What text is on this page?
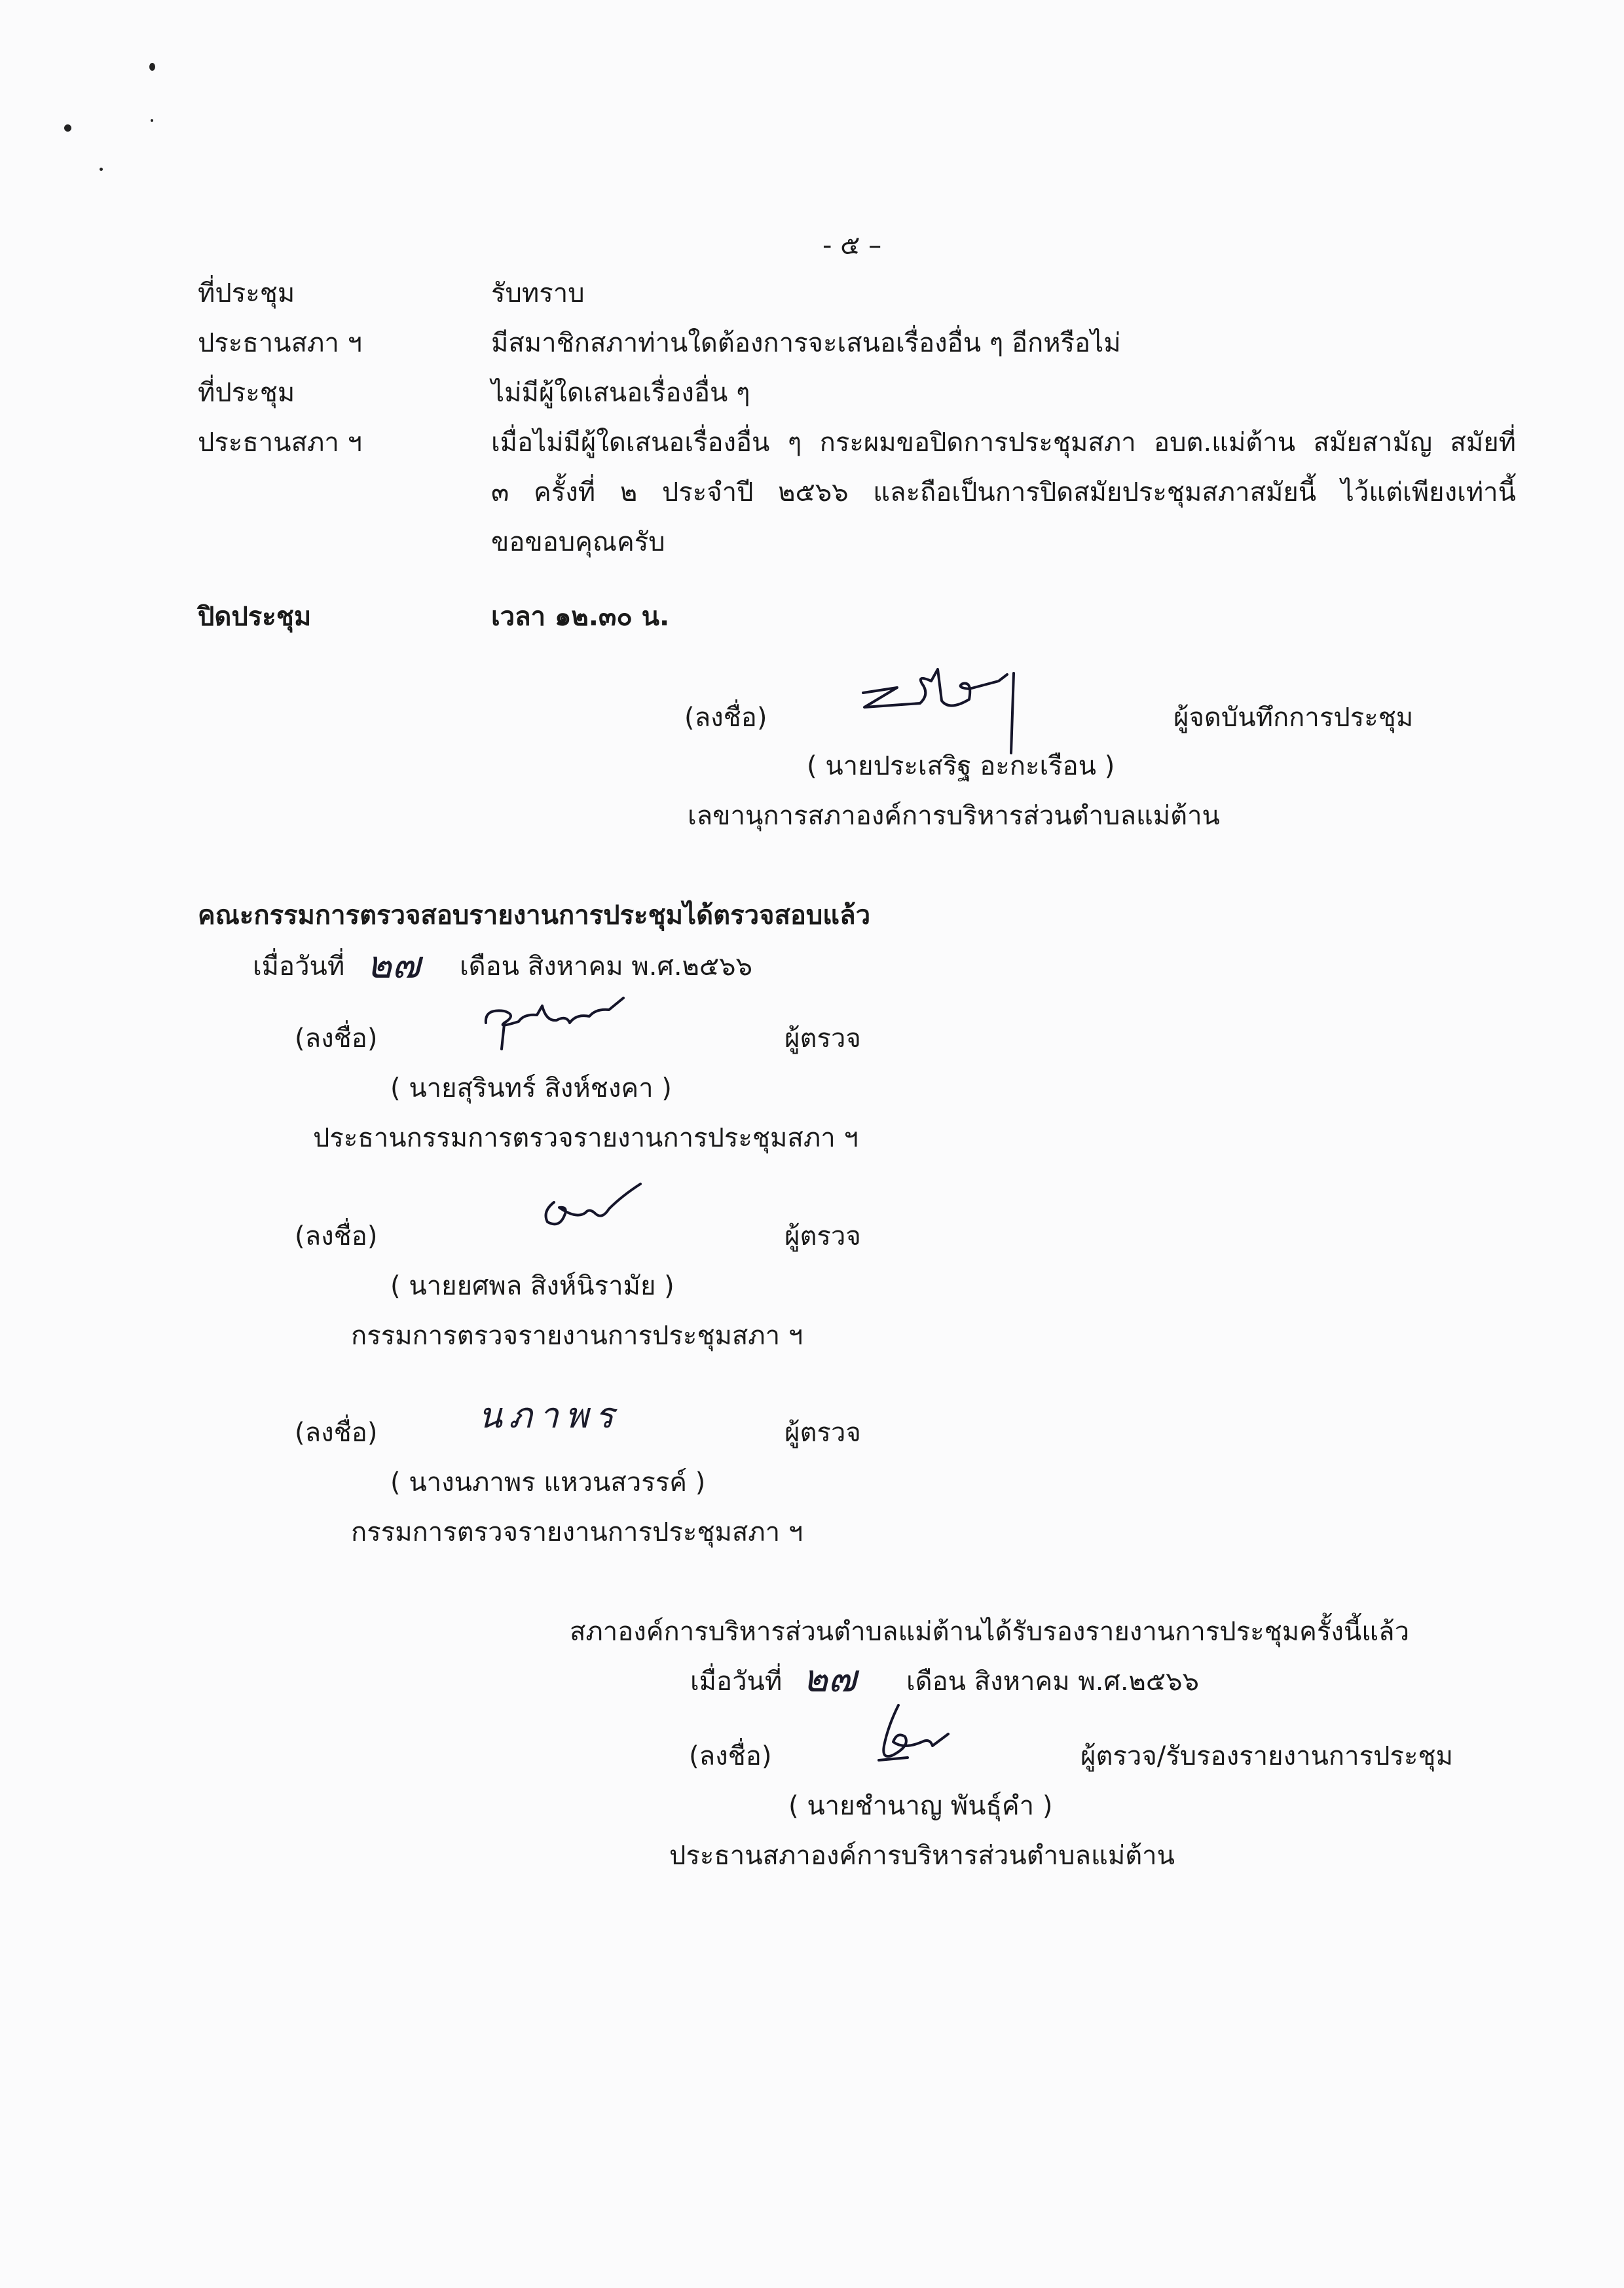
- ๕ –
ที่ประชุม	รับทราบ
ประธานสภา ฯ	มีสมาชิกสภาท่านใดต้องการจะเสนอเรื่องอื่น ๆ อีกหรือไม่
ที่ประชุม	ไม่มีผู้ใดเสนอเรื่องอื่น ๆ
ประธานสภา ฯ	เมื่อไม่มีผู้ใดเสนอเรื่องอื่น ๆ กระผมขอปิดการประชุมสภา อบต.แม่ต้าน สมัยสามัญ สมัยที่
๓ ครั้งที่ ๒ ประจำปี ๒๕๖๖ และถือเป็นการปิดสมัยประชุมสภาสมัยนี้ ไว้แต่เพียงเท่านี้
ขอขอบคุณครับ
ปิดประชุม	เวลา ๑๒.๓๐ น.
(ลงชื่อ)	ผู้จดบันทึกการประชุม
( นายประเสริฐ อะกะเรือน )
เลขานุการสภาองค์การบริหารส่วนตำบลแม่ต้าน
คณะกรรมการตรวจสอบรายงานการประชุมได้ตรวจสอบแล้ว
เมื่อวันที่ ๒๗ เดือน สิงหาคม พ.ศ.๒๕๖๖
(ลงชื่อ)	ผู้ตรวจ
( นายสุรินทร์ สิงห์ชงคา )
ประธานกรรมการตรวจรายงานการประชุมสภา ฯ
(ลงชื่อ)	ผู้ตรวจ
( นายยศพล สิงห์นิรามัย )
กรรมการตรวจรายงานการประชุมสภา ฯ
(ลงชื่อ)	นภาพร	ผู้ตรวจ
( นางนภาพร แหวนสวรรค์ )
กรรมการตรวจรายงานการประชุมสภา ฯ
สภาองค์การบริหารส่วนตำบลแม่ต้านได้รับรองรายงานการประชุมครั้งนี้แล้ว
เมื่อวันที่ ๒๗ เดือน สิงหาคม พ.ศ.๒๕๖๖
(ลงชื่อ)	ผู้ตรวจ/รับรองรายงานการประชุม
( นายชำนาญ พันธุ์คำ )
ประธานสภาองค์การบริหารส่วนตำบลแม่ต้าน
